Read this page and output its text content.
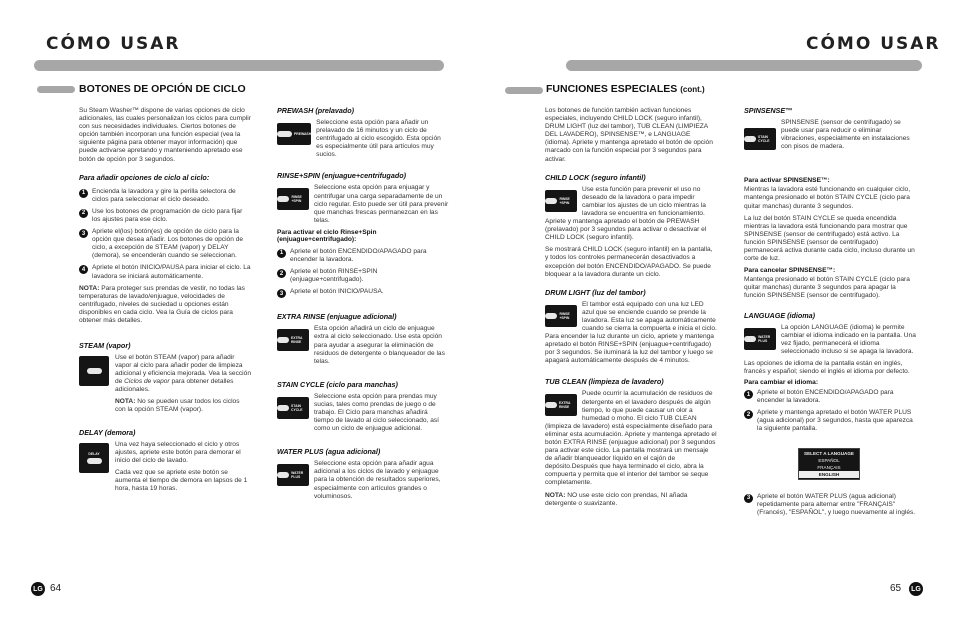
CÓMO USAR
BOTONES DE OPCIÓN DE CICLO

Su Steam Washer™ dispone de varias opciones de ciclo adicionales, las cuales personalizan los ciclos para cumplir con sus necesidades individuales. Ciertos botones de opción también incorporan una función especial (vea la siguiente página para obtener mayor información) que puede activarse apretando y manteniendo apretado ese botón de opción por 3 segundos.

Para añadir opciones de ciclo al ciclo:
1	Encienda la lavadora y gire la perilla selectora de ciclos para seleccionar el ciclo deseado.
2	Use los botones de programación de ciclo para fijar los ajustes para ese ciclo.
3	Apriete el(los) botón(es) de opción de ciclo para la opción que desea añadir. Los botones de opción de ciclo, a excepción de STEAM (vapor) y DELAY (demora), se encenderán cuando se seleccionan.
4	Apriete el botón INICIO/PAUSA para iniciar el ciclo. La lavadora se iniciará automáticamente.

NOTA: Para proteger sus prendas de vestir, no todas las temperaturas de lavado/enjuague, velocidades de centrifugado, niveles de suciedad u opciones están disponibles en cada ciclo. Vea la Guía de ciclos para obtener más detalles.

STEAM (vapor)

Use el botón STEAM (vapor) para añadir vapor al ciclo para añadir poder de limpieza adicional y eficiencia mejorada. Vea la sección de Ciclos de vapor para obtener detalles adicionales.

NOTA: No se pueden usar todos los ciclos con la opción STEAM (vapor).

DELAY (demora)
DELAY

Una vez haya seleccionado el ciclo y otros ajustes, apriete este botón para demorar el inicio del ciclo de lavado.

Cada vez que se apriete este botón se aumenta el tiempo de demora en lapsos de 1 hora, hasta 19 horas.

PREWASH (prelavado)
PREWASH

Seleccione esta opción para añadir un prelavado de 16 minutos y un ciclo de centrifugado al ciclo escogido. Esta opción es especialmente útil para artículos muy sucios.

RINSE+SPIN (enjuague+centrifugado)
RINSE +SPIN

Seleccione esta opción para enjuagar y centrifugar una carga separadamente de un ciclo regular. Esto puede ser útil para prevenir que manchas frescas permanezcan en las telas.

Para activar el ciclo Rinse+Spin (enjuague+centrifugado):
1	Apriete el botón ENCENDIDO/APAGADO para encender la lavadora.
2	Apriete el botón RINSE+SPIN (enjuague+centrifugado).
3	Apriete el botón INICIO/PAUSA.
EXTRA RINSE (enjuague adicional)
EXTRA RINSE

Esta opción añadirá un ciclo de enjuague extra al ciclo seleccionado. Use esta opción para ayudar a asegurar la eliminación de residuos de detergente o blanqueador de las telas.

STAIN CYCLE (ciclo para manchas)
STAIN CYCLE

Seleccione esta opción para prendas muy sucias, tales como prendas de juego o de trabajo. El Ciclo para manchas añadirá tiempo de lavado al ciclo seleccionado, así como un ciclo de enjuague adicional.

WATER PLUS (agua adicional)
WATER PLUS

Seleccione esta opción para añadir agua adicional a los ciclos de lavado y enjuague para la obtención de resultados superiores, especialmente con artículos grandes o voluminosos.

LG 64
CÓMO USAR
FUNCIONES ESPECIALES (cont.)

Los botones de función también activan funciones especiales, incluyendo CHILD LOCK (seguro infantil), DRUM LIGHT (luz del tambor), TUB CLEAN (LIMPIEZA DEL LAVADERO), SPINSENSE™, e LANGUAGE (idioma). Apriete y mantenga apretado el botón de opción marcado con la función especial por 3 segundos para activar.

CHILD LOCK (seguro infantil)
RINSE +SPIN

Use esta función para prevenir el uso no deseado de la lavadora o para impedir cambiar los ajustes de un ciclo mientras la lavadora se encuentra en funcionamiento. Apriete y mantenga apretado el botón de PREWASH (prelavado) por 3 segundos para activar o desactivar el CHILD LOCK (seguro infantil).

Se mostrará CHILD LOCK (seguro infantil) en la pantalla, y todos los controles permanecerán desactivados a excepción del botón ENCENDIDO/APAGADO. Se puede bloquear a la lavadora durante un ciclo.

DRUM LIGHT (luz del tambor)
RINSE +SPIN

El tambor está equipado con una luz LED azul que se enciende cuando se prende la lavadora. Esta luz se apaga automáticamente cuando se cierra la compuerta e inicia el ciclo. Para encender la luz durante un ciclo, apriete y mantenga apretado el botón RINSE+SPIN (enjuague+centrifugado) por 3 segundos. Se iluminará la luz del tambor y luego se apagará automáticamente después de 4 minutos.

TUB CLEAN (limpieza de lavadero)
EXTRA RINSE

Puede ocurrir la acumulación de residuos de detergente en el lavadero después de algún tiempo, lo que puede causar un olor a humedad o moho. El ciclo TUB CLEAN (limpieza de lavadero) está especialmente diseñado para eliminar esta acumulación. Apriete y mantenga apretado el botón EXTRA RINSE (enjuague adicional) por 3 segundos para activar este ciclo. La pantalla mostrará un mensaje de añadir blanqueador líquido en el cajón de depósito.Después que haya terminado el ciclo, abra la compuerta y permita que el interior del tambor se seque completamente.

NOTA: NO use este ciclo con prendas, NI añada detergente o suavizante.

SPINSENSE™

STAIN CYCLE
SPINSENSE (sensor de centrifugado) se puede usar para reducir o eliminar vibraciones, especialmente en instalaciones con pisos de madera.

Para activar SPINSENSE™:

Mientras la lavadora esté funcionando en cualquier ciclo, mantenga presionado el botón STAIN CYCLE (ciclo para quitar manchas) durante 3 segundos.

La luz del botón STAIN CYCLE se queda encendida mientras la lavadora está funcionando para mostrar que SPINSENSE (sensor de centrifugado) está activo. La función SPINSENSE (sensor de centrifugado) permanecerá activa durante cada ciclo, incluso durante un corte de luz.

Para cancelar SPINSENSE™:

Mantenga presionado el botón STAIN CYCLE (ciclo para quitar manchas) durante 3 segundos para apagar la función SPINSENSE (sensor de centrifugado).

LANGUAGE (idioma)
WATER PLUS

La opción LANGUAGE (idioma) le permite cambiar el idioma indicado en la pantalla. Una vez fijado, permanecerá el idioma seleccionado incluso si se apaga la lavadora.

Las opciones de idioma de la pantalla están en inglés, francés y español; siendo el inglés el idioma por defecto.

Para cambiar el idioma:
1	Apriete el botón ENCENDIDO/APAGADO para encender la lavadora.
2	Apriete y mantenga apretado el botón WATER PLUS (agua adicional) por 3 segundos, hasta que aparezca la siguiente pantalla.
SELECT A LANGUAGE
ESPAÑOL
FRANÇAIS
ENGLISH
3	Apriete el botón WATER PLUS (agua adicional) repetidamente para alternar entre "FRANÇAIS" (Francés), "ESPAÑOL", y luego nuevamente al inglés.
65	LG
